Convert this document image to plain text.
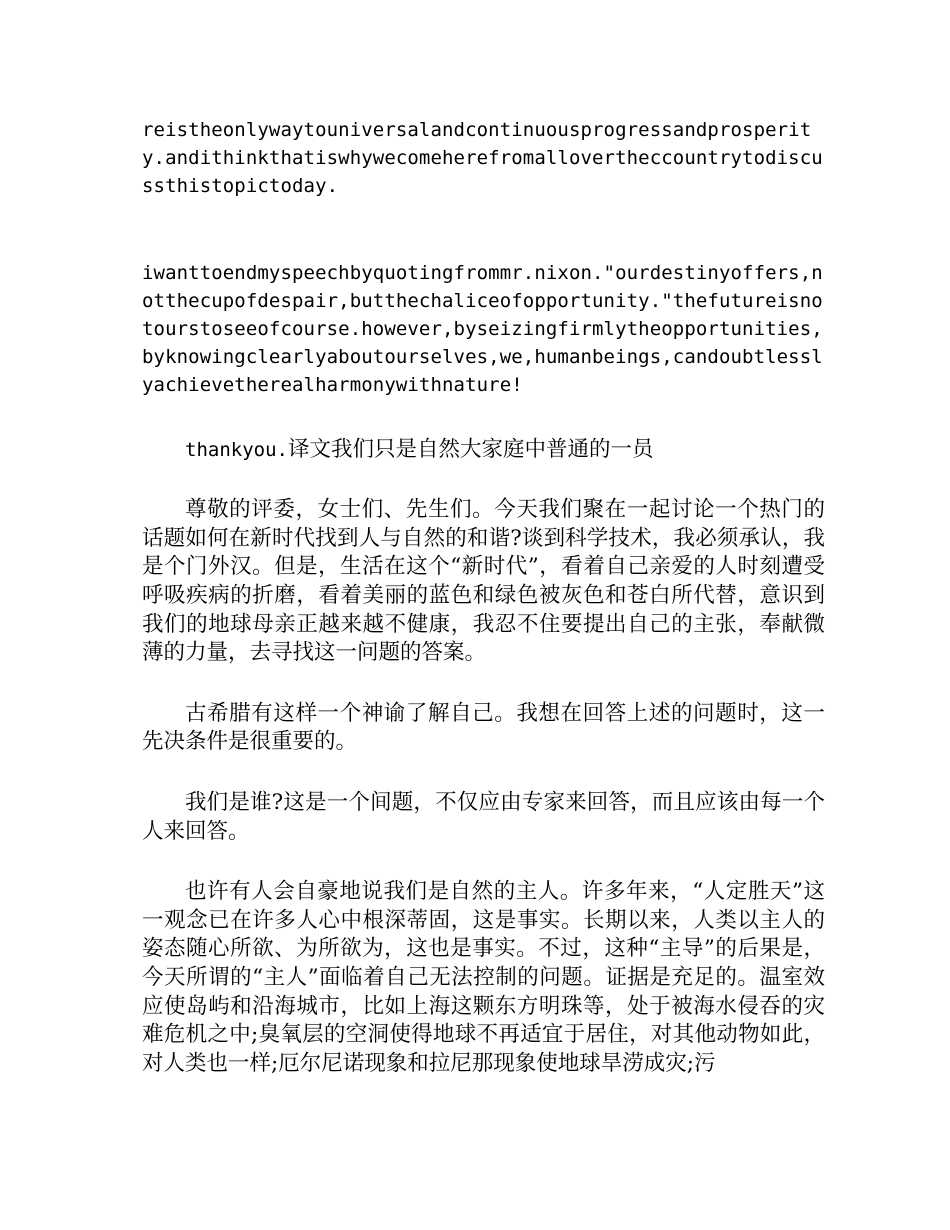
reistheonlywaytouniversalandcontinuousprogressandprosperity.andithinkthatiswhywecomeherefromallovertheccountrytodiscussthistopictoday.

iwanttoendmyspeechbyquotingfrommr.nixon."ourdestinyoffers,notthecupofdespair,butthechaliceofopportunity."thefutureisnotourstoseeofcourse.however,byseizingfirmlytheopportunities,byknowingclearlyaboutourselves,we,humanbeings,candoubtlesslyachievetherealharmonywithnature!

thankyou.译文我们只是自然大家庭中普通的一员

尊敬的评委，女士们、先生们。今天我们聚在一起讨论一个热门的话题如何在新时代找到人与自然的和谐?谈到科学技术，我必须承认，我是个门外汉。但是，生活在这个“新时代”，看着自己亲爱的人时刻遭受呼吸疾病的折磨，看着美丽的蓝色和绿色被灰色和苍白所代替，意识到我们的地球母亲正越来越不健康，我忍不住要提出自己的主张，奉献微薄的力量，去寻找这一问题的答案。

古希腊有这样一个神谕了解自己。我想在回答上述的问题时，这一先决条件是很重要的。

我们是谁?这是一个间题，不仅应由专家来回答，而且应该由每一个人来回答。

也许有人会自豪地说我们是自然的主人。许多年来，“人定胜天”这一观念已在许多人心中根深蒂固，这是事实。长期以来，人类以主人的姿态随心所欲、为所欲为，这也是事实。不过，这种“主导”的后果是，今天所谓的“主人”面临着自己无法控制的问题。证据是充足的。温室效应使岛屿和沿海城市，比如上海这颗东方明珠等，处于被海水侵吞的灾难危机之中;臭氧层的空洞使得地球不再适宜于居住，对其他动物如此，对人类也一样;厄尔尼诺现象和拉尼那现象使地球旱涝成灾;污
